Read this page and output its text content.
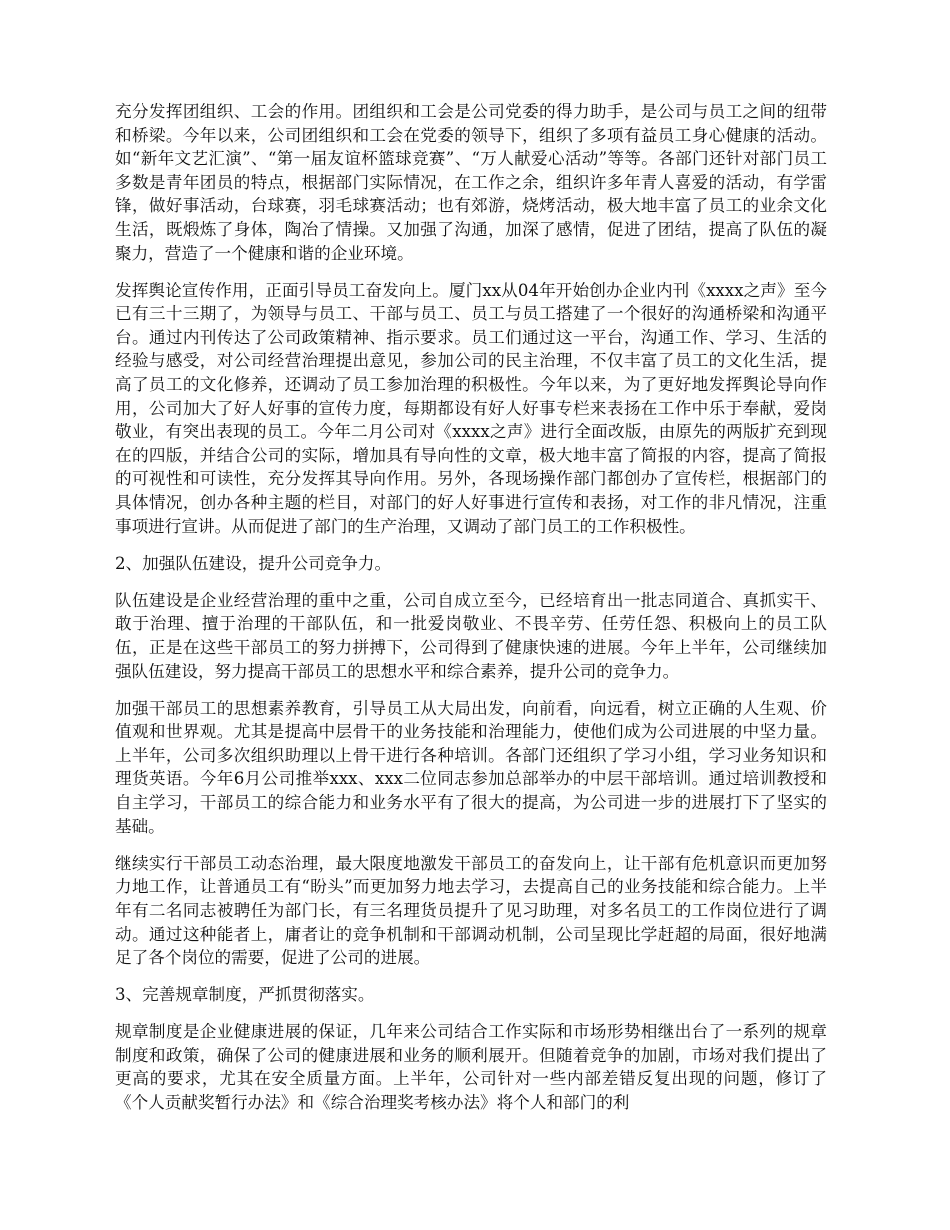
充分发挥团组织、工会的作用。团组织和工会是公司党委的得力助手，是公司与员工之间的纽带和桥梁。今年以来，公司团组织和工会在党委的领导下，组织了多项有益员工身心健康的活动。如“新年文艺汇演”、“第一届友谊杯篮球竞赛”、“万人献爱心活动”等等。各部门还针对部门员工多数是青年团员的特点，根据部门实际情况，在工作之余，组织许多年青人喜爱的活动，有学雷锋，做好事活动，台球赛，羽毛球赛活动；也有郊游，烧烤活动，极大地丰富了员工的业余文化生活，既煅炼了身体，陶冶了情操。又加强了沟通，加深了感情，促进了团结，提高了队伍的凝聚力，营造了一个健康和谐的企业环境。

发挥舆论宣传作用，正面引导员工奋发向上。厦门xx从04年开始创办企业内刊《xxxx之声》至今已有三十三期了，为领导与员工、干部与员工、员工与员工搭建了一个很好的沟通桥梁和沟通平台。通过内刊传达了公司政策精神、指示要求。员工们通过这一平台，沟通工作、学习、生活的经验与感受，对公司经营治理提出意见，参加公司的民主治理，不仅丰富了员工的文化生活，提高了员工的文化修养，还调动了员工参加治理的积极性。今年以来，为了更好地发挥舆论导向作用，公司加大了好人好事的宣传力度，每期都设有好人好事专栏来表扬在工作中乐于奉献，爱岗敬业，有突出表现的员工。今年二月公司对《xxxx之声》进行全面改版，由原先的两版扩充到现在的四版，并结合公司的实际，增加具有导向性的文章，极大地丰富了简报的内容，提高了简报的可视性和可读性，充分发挥其导向作用。另外，各现场操作部门都创办了宣传栏，根据部门的具体情况，创办各种主题的栏目，对部门的好人好事进行宣传和表扬，对工作的非凡情况，注重事项进行宣讲。从而促进了部门的生产治理，又调动了部门员工的工作积极性。

2、加强队伍建设，提升公司竞争力。

队伍建设是企业经营治理的重中之重，公司自成立至今，已经培育出一批志同道合、真抓实干、敢于治理、擅于治理的干部队伍，和一批爱岗敬业、不畏辛劳、任劳任怨、积极向上的员工队伍，正是在这些干部员工的努力拼搏下，公司得到了健康快速的进展。今年上半年，公司继续加强队伍建设，努力提高干部员工的思想水平和综合素养，提升公司的竞争力。

加强干部员工的思想素养教育，引导员工从大局出发，向前看，向远看，树立正确的人生观、价值观和世界观。尤其是提高中层骨干的业务技能和治理能力，使他们成为公司进展的中坚力量。上半年，公司多次组织助理以上骨干进行各种培训。各部门还组织了学习小组，学习业务知识和理货英语。今年6月公司推举xxx、xxx二位同志参加总部举办的中层干部培训。通过培训教授和自主学习，干部员工的综合能力和业务水平有了很大的提高，为公司进一步的进展打下了坚实的基础。

继续实行干部员工动态治理，最大限度地激发干部员工的奋发向上，让干部有危机意识而更加努力地工作，让普通员工有“盼头”而更加努力地去学习，去提高自己的业务技能和综合能力。上半年有二名同志被聘任为部门长，有三名理货员提升了见习助理，对多名员工的工作岗位进行了调动。通过这种能者上，庸者让的竞争机制和干部调动机制，公司呈现比学赶超的局面，很好地满足了各个岗位的需要，促进了公司的进展。

3、完善规章制度，严抓贯彻落实。

规章制度是企业健康进展的保证，几年来公司结合工作实际和市场形势相继出台了一系列的规章制度和政策，确保了公司的健康进展和业务的顺利展开。但随着竞争的加剧，市场对我们提出了更高的要求，尤其在安全质量方面。上半年，公司针对一些内部差错反复出现的问题，修订了《个人贡献奖暂行办法》和《综合治理奖考核办法》将个人和部门的利
